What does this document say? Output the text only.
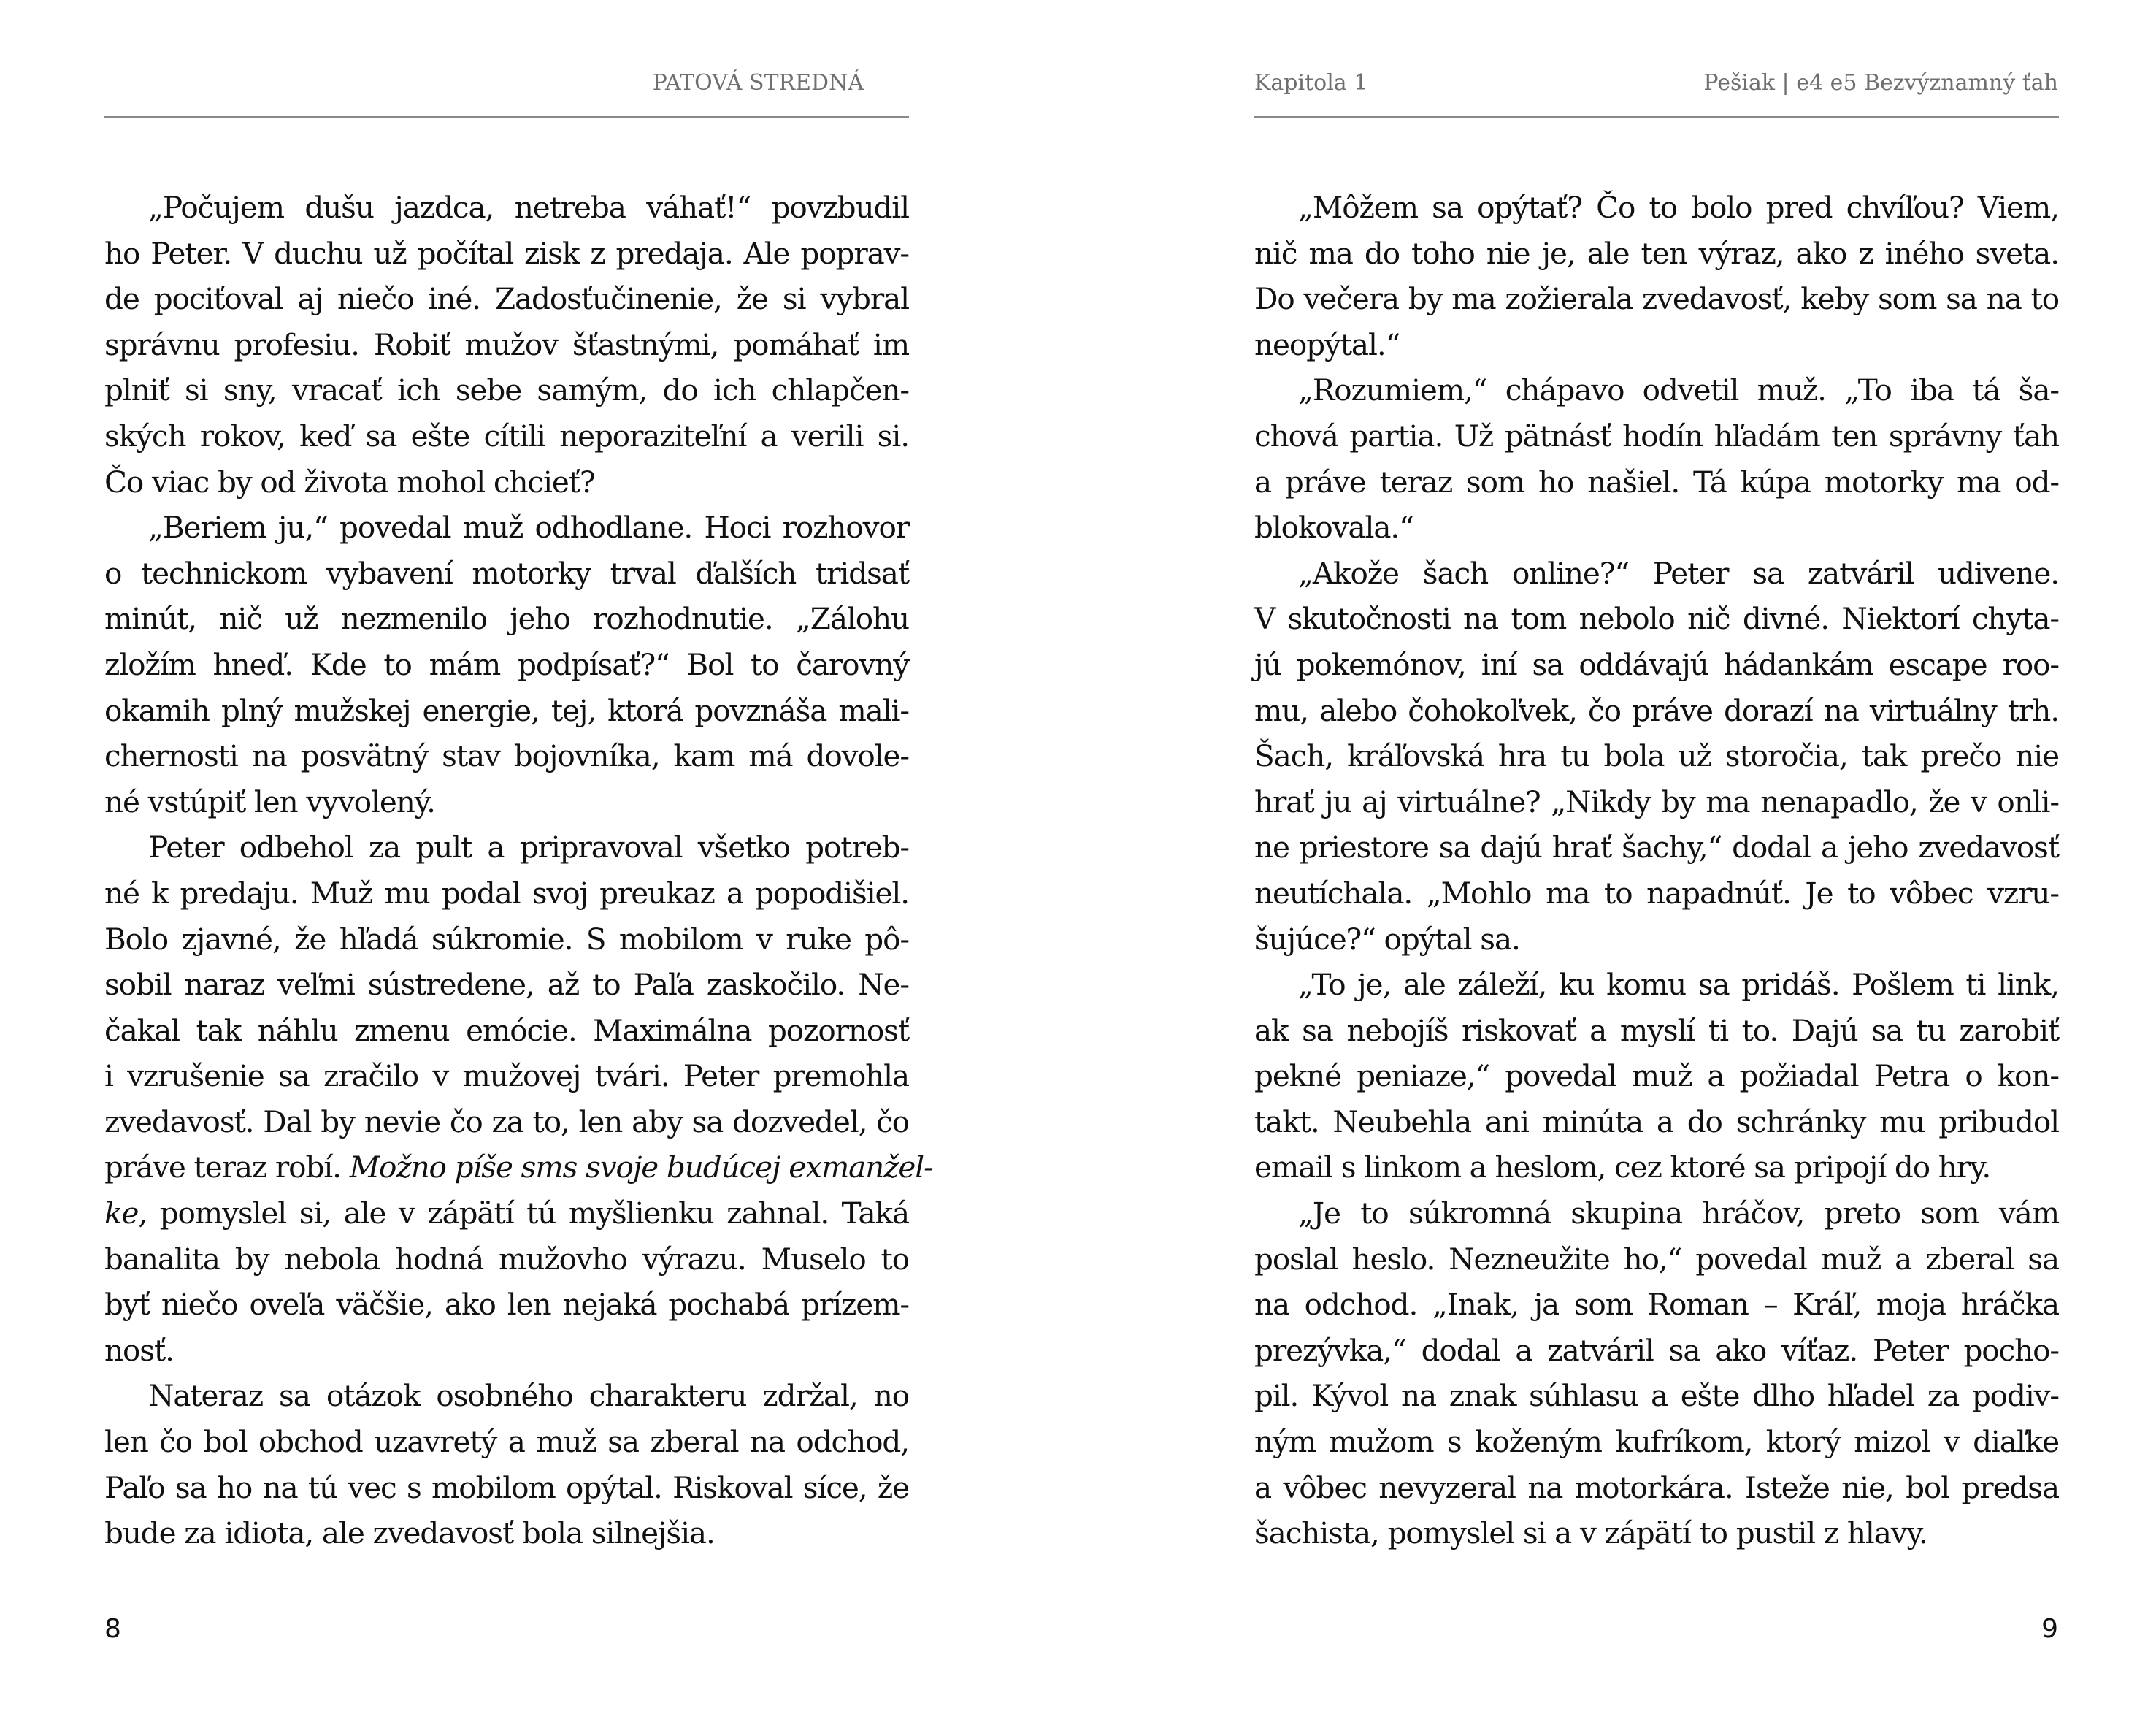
PATOVÁ STREDNÁ
„Počujem dušu jazdca, netreba váhať!“ povzbudil
ho Peter. V duchu už počítal zisk z predaja. Ale poprav-
de pociťoval aj niečo iné. Zadosťučinenie, že si vybral
správnu profesiu. Robiť mužov šťastnými, pomáhať im
plniť si sny, vracať ich sebe samým, do ich chlapčen-
ských rokov, keď sa ešte cítili neporaziteľní a verili si.
Čo viac by od života mohol chcieť?
„Beriem ju,“ povedal muž odhodlane. Hoci rozhovor
o technickom vybavení motorky trval ďalších tridsať
minút, nič už nezmenilo jeho rozhodnutie. „Zálohu
zložím hneď. Kde to mám podpísať?“ Bol to čarovný
okamih plný mužskej energie, tej, ktorá povznáša mali-
chernosti na posvätný stav bojovníka, kam má dovole-
né vstúpiť len vyvolený.
Peter odbehol za pult a pripravoval všetko potreb-
né k predaju. Muž mu podal svoj preukaz a popodišiel.
Bolo zjavné, že hľadá súkromie. S mobilom v ruke pô-
sobil naraz veľmi sústredene, až to Paľa zaskočilo. Ne-
čakal tak náhlu zmenu emócie. Maximálna pozornosť
i vzrušenie sa zračilo v mužovej tvári. Peter premohla
zvedavosť. Dal by nevie čo za to, len aby sa dozvedel, čo
práve teraz robí. Možno píše sms svoje budúcej exmanžel-
ke, pomyslel si, ale v zápätí tú myšlienku zahnal. Taká
banalita by nebola hodná mužovho výrazu. Muselo to
byť niečo oveľa väčšie, ako len nejaká pochabá prízem-
nosť.
Nateraz sa otázok osobného charakteru zdržal, no
len čo bol obchod uzavretý a muž sa zberal na odchod,
Paľo sa ho na tú vec s mobilom opýtal. Riskoval síce, že
bude za idiota, ale zvedavosť bola silnejšia.
8
Kapitola 1	Pešiak | e4 e5 Bezvýznamný ťah
„Môžem sa opýtať? Čo to bolo pred chvíľou? Viem,
nič ma do toho nie je, ale ten výraz, ako z iného sveta.
Do večera by ma zožierala zvedavosť, keby som sa na to
neopýtal.“
„Rozumiem,“ chápavo odvetil muž. „To iba tá ša-
chová partia. Už pätnásť hodín hľadám ten správny ťah
a práve teraz som ho našiel. Tá kúpa motorky ma od-
blokovala.“
„Akože šach online?“ Peter sa zatváril udivene.
V skutočnosti na tom nebolo nič divné. Niektorí chyta-
jú pokemónov, iní sa oddávajú hádankám escape roo-
mu, alebo čohokoľvek, čo práve dorazí na virtuálny trh.
Šach, kráľovská hra tu bola už storočia, tak prečo nie
hrať ju aj virtuálne? „Nikdy by ma nenapadlo, že v onli-
ne priestore sa dajú hrať šachy,“ dodal a jeho zvedavosť
neutíchala. „Mohlo ma to napadnúť. Je to vôbec vzru-
šujúce?“ opýtal sa.
„To je, ale záleží, ku komu sa pridáš. Pošlem ti link,
ak sa nebojíš riskovať a myslí ti to. Dajú sa tu zarobiť
pekné peniaze,“ povedal muž a požiadal Petra o kon-
takt. Neubehla ani minúta a do schránky mu pribudol
email s linkom a heslom, cez ktoré sa pripojí do hry.
„Je to súkromná skupina hráčov, preto som vám
poslal heslo. Nezneužite ho,“ povedal muž a zberal sa
na odchod. „Inak, ja som Roman – Kráľ, moja hráčka
prezývka,“ dodal a zatváril sa ako víťaz. Peter pocho-
pil. Kývol na znak súhlasu a ešte dlho hľadel za podiv-
ným mužom s koženým kufríkom, ktorý mizol v diaľke
a vôbec nevyzeral na motorkára. Isteže nie, bol predsa
šachista, pomyslel si a v zápätí to pustil z hlavy.
9
